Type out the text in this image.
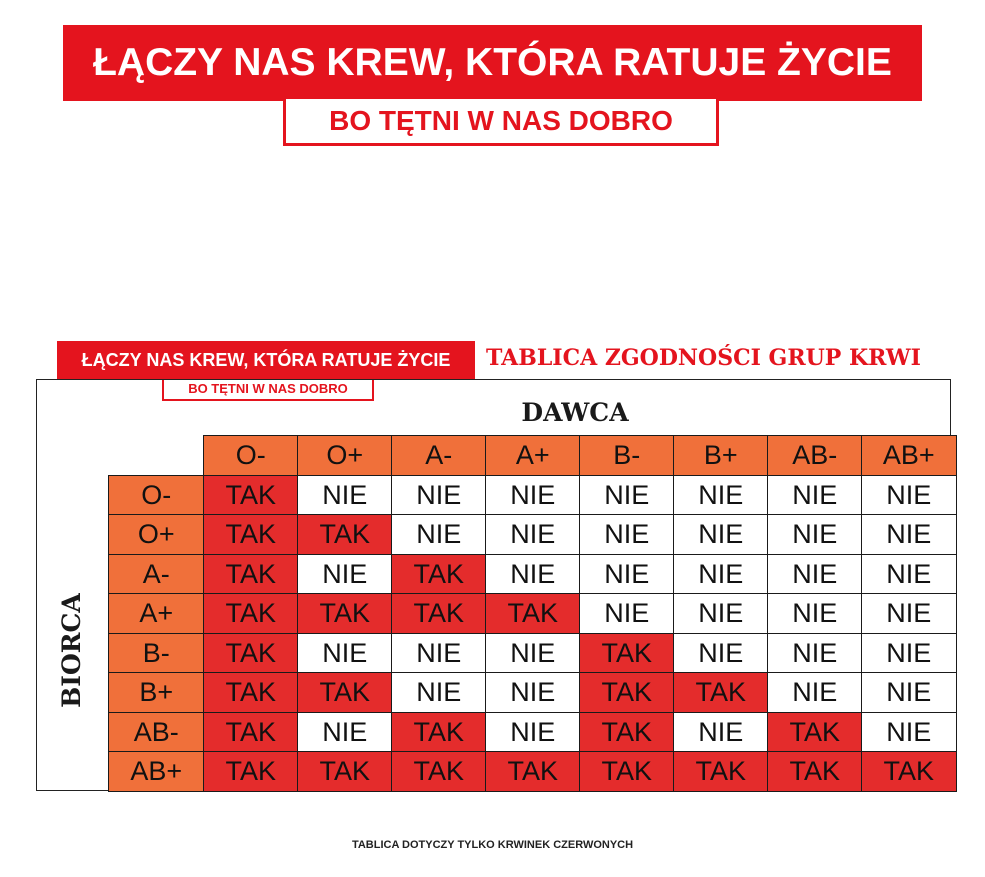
ŁĄCZY NAS KREW, KTÓRA RATUJE ŻYCIE
BO TĘTNI W NAS DOBRO
ŁĄCZY NAS KREW, KTÓRA RATUJE ŻYCIE
BO TĘTNI W NAS DOBRO
TABLICA ZGODNOŚCI GRUP KRWI
DAWCA
BIORCA
O-	O+	A-	A+	B-	B+	AB-	AB+
O-	TAK	NIE	NIE	NIE	NIE	NIE	NIE	NIE
O+	TAK	TAK	NIE	NIE	NIE	NIE	NIE	NIE
A-	TAK	NIE	TAK	NIE	NIE	NIE	NIE	NIE
A+	TAK	TAK	TAK	TAK	NIE	NIE	NIE	NIE
B-	TAK	NIE	NIE	NIE	TAK	NIE	NIE	NIE
B+	TAK	TAK	NIE	NIE	TAK	TAK	NIE	NIE
AB-	TAK	NIE	TAK	NIE	TAK	NIE	TAK	NIE
AB+	TAK	TAK	TAK	TAK	TAK	TAK	TAK	TAK
TABLICA DOTYCZY TYLKO KRWINEK CZERWONYCH
